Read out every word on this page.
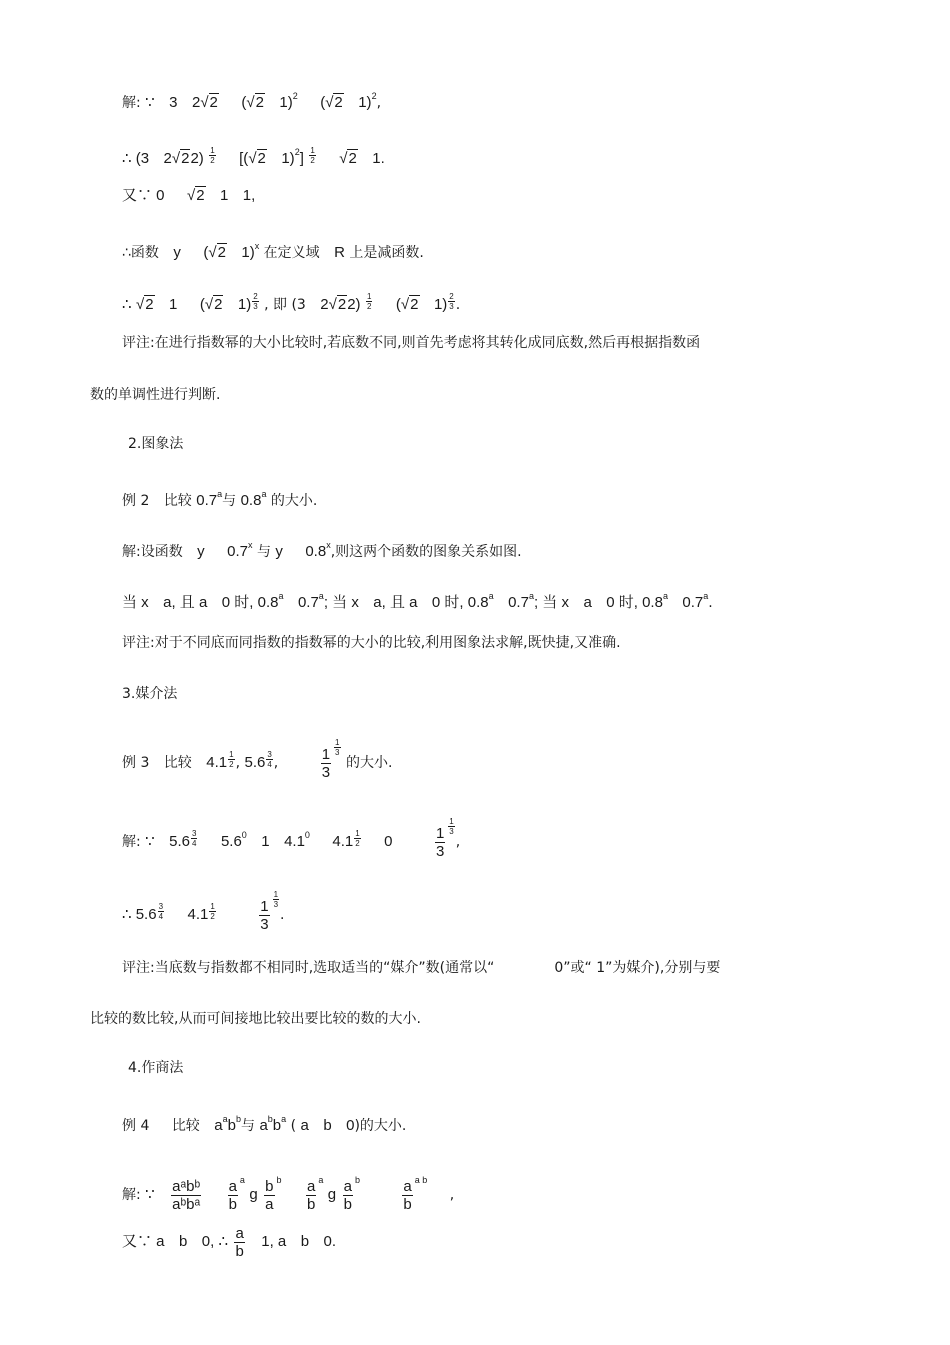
解: ∵ 3 2√2 (√2 1)$^2$ (√2 1)$^2$,
∴ (3 $2√22) \frac{1}{2} [(√2$ $1)^2] \frac{1}{2} √2$ 1.
又∵ 0 √2 1 1,
∴函数 y (√2 1)$^x$ 在定义域 R 上是减函数.
∴ √2 1 (√2 $1) \frac{2}{3}$ , 即 (3 $2√22) \frac{1}{2} (√2$ $1) \frac{2}{3}$ .
评注:在进行指数幂的大小比较时,若底数不同,则首先考虑将其转化成同底数,然后再根据指数函
数的单调性进行判断.
2.图象法
例 2 比较 0.7$^a$与 0.8$^a$ 的大小.
解:设函数 y 0.7$^x$ 与 y 0.8$^x$,则这两个函数的图象关系如图.
当 x a, 且 a 0 时, 0.8$^a$ 0.7$^a$; 当 x a, 且 a 0 时, 0.8$^a$ 0.7$^a$; 当 x a 0 时, 0.8$^a$ 0.7$^a$.
评注:对于不同底而同指数的指数幂的大小的比较,利用图象法求解,既快捷,又准确.
3.媒介法
例 3 比较 $4.1 \frac{1}{2}$ , $5.6 \frac{3}{4}$ ,	$\frac{1}{3} \frac{1}{3}$
的大小.
解: ∵ $5.6 \frac{3}{4} 5.6^0$ 1 $4.1^0$ $4.1 \frac{1}{2} 0$	$\frac{1}{3} \frac{1}{3}$
,
∴ $5.6 \frac{3}{4} 4.1 \frac{1}{2}$
	$\frac{1}{3} \frac{1}{3}$
.
评注:当底数与指数都不相同时,选取适当的“媒介”数(通常以“	0”或“ 1”为媒介),分别与要
比较的数比较,从而可间接地比较出要比较的数的大小.
4.作商法
例 4 比较 $a^ab^b$与 $a^bb^a$ ( a b 0)的大小.
解: ∵ $\frac{\text{aᵃbᵇ}}{\text{aᵇbᵃ}}$
$\frac{a}{b} ^a$ g $\frac{b}{a} ^b \frac{a}{b} ^a$ g $\frac{a}{b} ^b$	$\frac{a}{b} ^{a b}$ ,
又∵ a b 0, ∴ $\frac{a}{b} 1$, a b 0.
